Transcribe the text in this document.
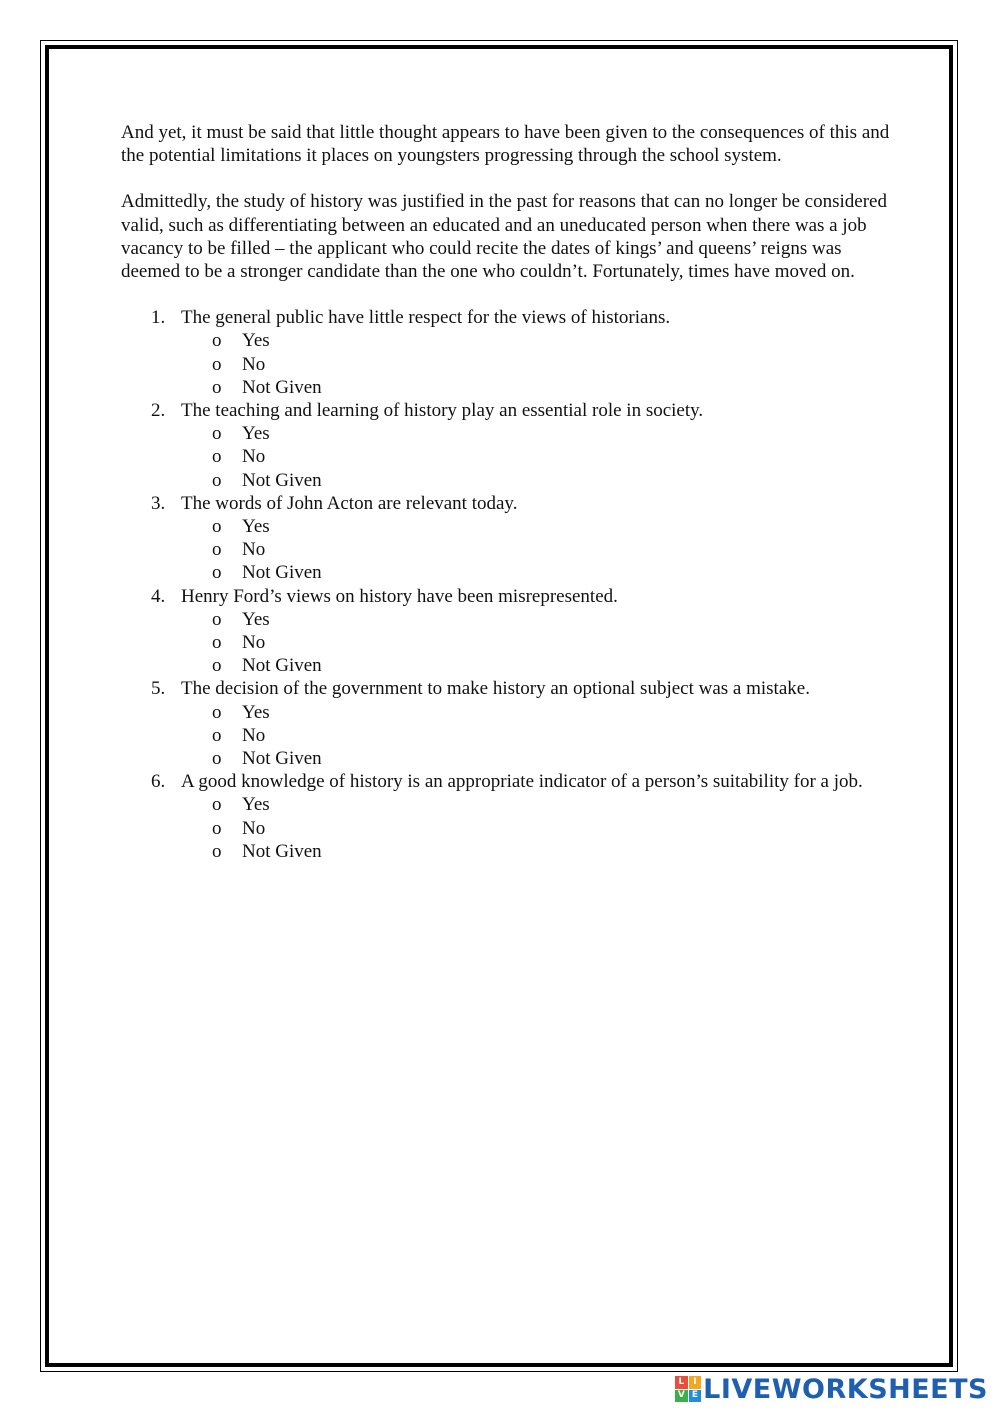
And yet, it must be said that little thought appears to have been given to the consequences of this and the potential limitations it places on youngsters progressing through the school system.

Admittedly, the study of history was justified in the past for reasons that can no longer be considered valid, such as differentiating between an educated and an uneducated person when there was a job vacancy to be filled – the applicant who could recite the dates of kings’ and queens’ reigns was deemed to be a stronger candidate than the one who couldn’t. Fortunately, times have moved on.

1. The general public have little respect for the views of historians.
o Yes
o No
o Not Given
2. The teaching and learning of history play an essential role in society.
o Yes
o No
o Not Given
3. The words of John Acton are relevant today.
o Yes
o No
o Not Given
4. Henry Ford’s views on history have been misrepresented.
o Yes
o No
o Not Given
5. The decision of the government to make history an optional subject was a mistake.
o Yes
o No
o Not Given
6. A good knowledge of history is an appropriate indicator of a person’s suitability for a job.
o Yes
o No
o Not Given
L I
V E LIVEWORKSHEETS
